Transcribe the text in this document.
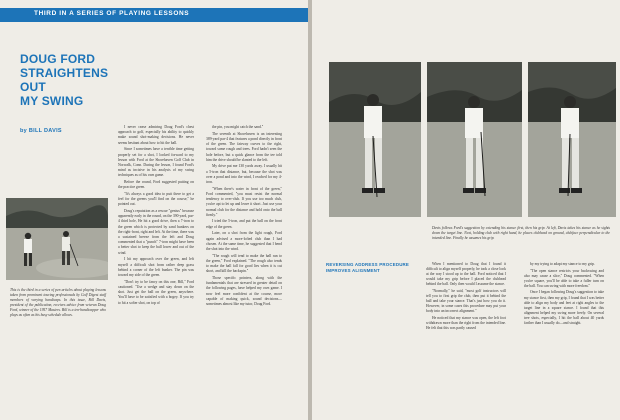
THIRD IN A SERIES OF PLAYING LESSONS
DOUG FORD
STRAIGHTENS
OUT
MY SWING
by BILL DAVIS

I never cease admiring Doug Ford's chest approach to golf, especially his ability to quickly make sound shot-making decisions. He never seems hesitant about how to hit the ball.

Since I sometimes have a terrible time getting properly set for a shot, I looked forward to my lesson with Ford at the Shorehaven Golf Club in Norwalk, Conn. During the lesson, I found Ford's mind as incisive in his analysis of my swing techniques as of his own game.

Before the round, Ford suggested putting on the practice green.

"It's always a good idea to putt there to get a feel for the greens you'll find on the course," he pointed out.

Doug's reputation as a rescue "genius" because apparently early in the round, on the 390-yard, par-4 third hole, He hit a good drive, then a 7-iron to the green which is protected by sand bunkers on the right-front, right and left. At the time, there was a sustained breeze from the left and Doug commented that a "punch" 7-iron might have been a better shot to keep the ball lower and out of the wind.

I hit my approach over the green, and left myself a difficult shot from rather deep grass behind a corner of the left bunker. The pin was toward my side of the green.

"Don't try to be fancy on this one, Bill," Ford cautioned. "Use a wedge and stay down on the shot. Just get the ball on the green, anywhere. You'll have to be satisfied with a bogey. If you try to hit a softer shot, on top of

the pin, you might catch the sand."

The seventh at Shorehaven is an interesting 389-yard par-4 that features a pond directly in front of the green. The fairway curves to the right, toward some rough and trees. Ford hadn't seen the hole before, but a quick glance from the tee told him the drive should be slanted to the left.

My drive put me 130 yards away. I usually hit a 5-iron that distance, but, because the shot was over a pond and into the wind, I reached for my 4-iron.

"When there's water in front of the green," Ford commented, "you must resist the normal tendency to over-club. If you use too much club, you're apt to let up and leave it short. Just use your normal club for the distance and hold onto the ball firmly."

I tried the 5-iron, and put the ball on the front edge of the green.

Later, on a shot from the light rough, Ford again advised a more-lofted club than I had chosen. At the same time, he suggested that I bend the shot into the wind.

"The rough will tend to make the ball run to the green," Ford explained. "The rough also tends to make the ball fall for good lies when it is cut short, and kill the backspin."

Those specific pointers, along with the fundamentals that are stressed in greater detail on the following pages, have helped my own game. I now feel more confident at the course, more capable of making quick, sound decisions—sometimes almost like my tutor, Doug Ford.

This is the third in a series of pen articles about playing lessons taken from prominent touring professionals by Golf Digest staff members of varying handicaps. In this issue, Bill Davis, president of the publication, receives advice from veteran Doug Ford, winner of the 1957 Masters. Bill is a ten-handicapper who plays as often as his busy schedule allows.
Davis follows Ford's suggestion by extending his stance first, then his grip. At left, Davis takes his stance as he sights down the target line. Next, holding club with right hand, he places clubhead on ground, clubface perpendicular to the intended line. Finally he assumes his grip.
REVERSING ADDRESS PROCEDURE
IMPROVES ALIGNMENT

When I mentioned to Doug that I found it difficult to align myself properly, he took a close look at the way I stood up to the ball. Ford noticed that I would take my grip before I placed the clubhead behind the ball. Only then would I assume the stance.

"Normally," he said, "most golf instructors will tell you to first grip the club, then put it behind the ball and take your stance. That's just how you do it. However, in some cases this procedure may put your body into an incorrect alignment."

He noticed that my stance was open, the left foot withdrawn more than the right from the intended line. He felt that this was partly caused

by my trying to adapt my stance to my grip.

"The open stance restricts your backswing and also may cause a slice," Doug commented. "When you're square, you'll be able to take a fuller turn on the ball. You can swing with more freedom."

Once I began following Doug's suggestion to take my stance first, then my grip, I found that I was better able to align my body and feet at right angles to the target line in a square stance. I found that this alignment helped my swing more freely. On several tree shots, especially, I hit the ball about 40 yards farther than I usually do—and straight.
